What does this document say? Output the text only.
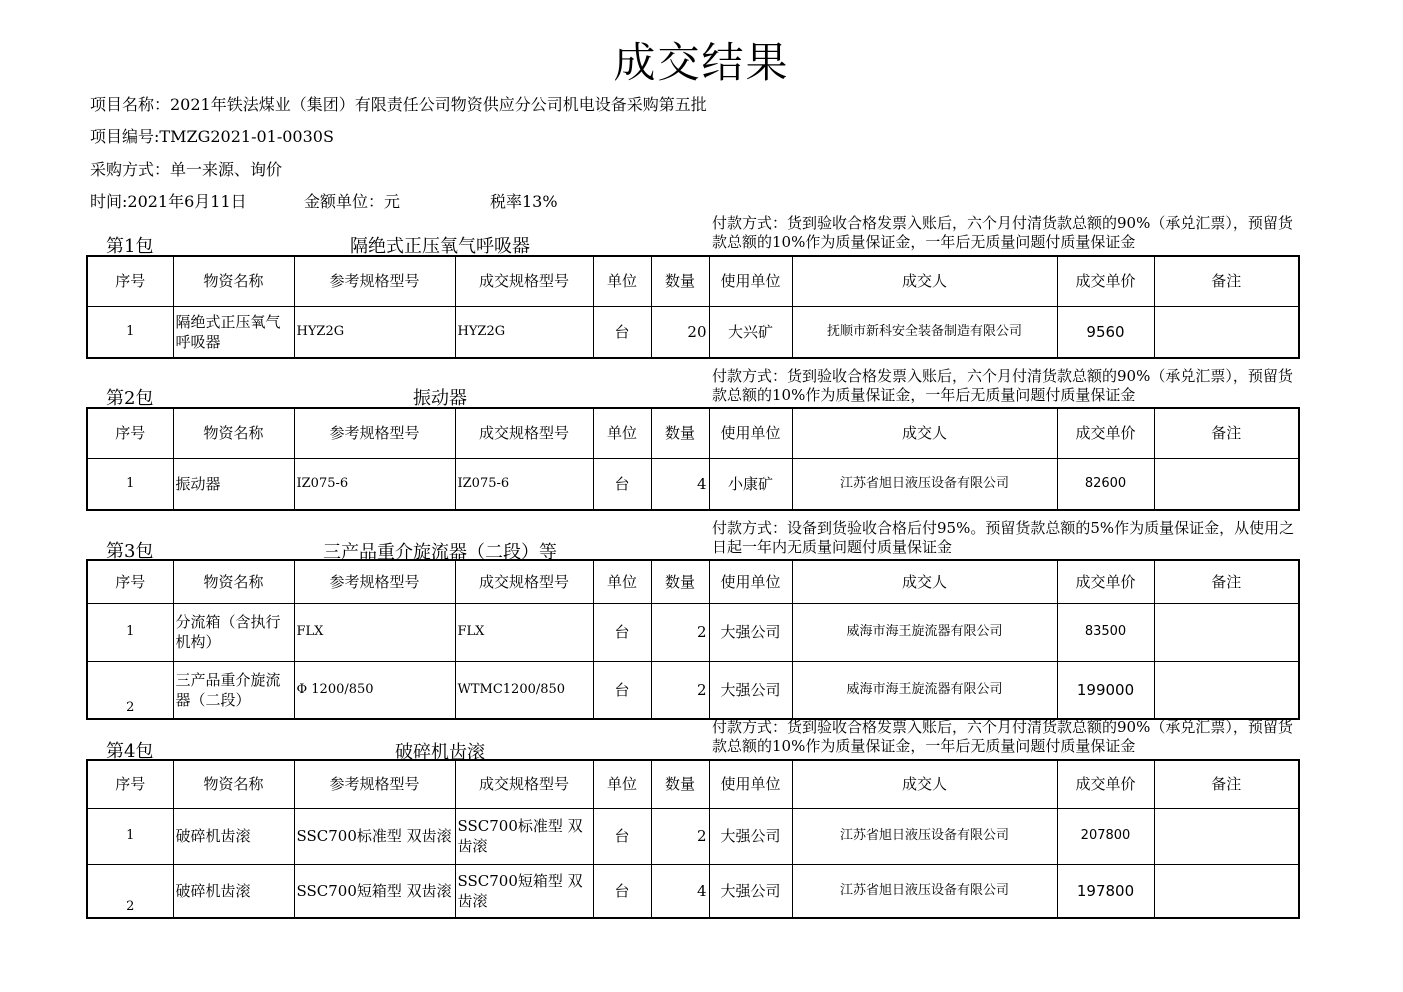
成交结果
项目名称：2021年铁法煤业（集团）有限责任公司物资供应分公司机电设备采购第五批
项目编号:TMZG2021-01-0030S
采购方式：单一来源、询价
时间:2021年6月11日	金额单位：元	税率13%
第1包	隔绝式正压氧气呼吸器
付款方式：货到验收合格发票入账后，六个月付清货款总额的90%（承兑汇票），预留货款总额的10%作为质量保证金，一年后无质量问题付质量保证金
序号	物资名称	参考规格型号	成交规格型号	单位	数量	使用单位	成交人	成交单价	备注
1	隔绝式正压氧气呼吸器	HYZ2G	HYZ2G	台	20	大兴矿	抚顺市新科安全装备制造有限公司	9560	
第2包	振动器
付款方式：货到验收合格发票入账后，六个月付清货款总额的90%（承兑汇票），预留货款总额的10%作为质量保证金，一年后无质量问题付质量保证金
序号	物资名称	参考规格型号	成交规格型号	单位	数量	使用单位	成交人	成交单价	备注
1	振动器	IZ075-6	IZ075-6	台	4	小康矿	江苏省旭日液压设备有限公司	82600	
第3包	三产品重介旋流器（二段）等
付款方式：设备到货验收合格后付95%。预留货款总额的5%作为质量保证金，从使用之日起一年内无质量问题付质量保证金
序号	物资名称	参考规格型号	成交规格型号	单位	数量	使用单位	成交人	成交单价	备注
1	分流箱（含执行机构）	FLX	FLX	台	2	大强公司	威海市海王旋流器有限公司	83500	
2	三产品重介旋流器（二段）	Φ 1200/850	WTMC1200/850	台	2	大强公司	威海市海王旋流器有限公司	199000	
第4包	破碎机齿滚
付款方式：货到验收合格发票入账后，六个月付清货款总额的90%（承兑汇票），预留货款总额的10%作为质量保证金，一年后无质量问题付质量保证金
序号	物资名称	参考规格型号	成交规格型号	单位	数量	使用单位	成交人	成交单价	备注
1	破碎机齿滚	SSC700标准型 双齿滚	SSC700标准型 双齿滚	台	2	大强公司	江苏省旭日液压设备有限公司	207800	
2	破碎机齿滚	SSC700短箱型 双齿滚	SSC700短箱型 双齿滚	台	4	大强公司	江苏省旭日液压设备有限公司	197800	
